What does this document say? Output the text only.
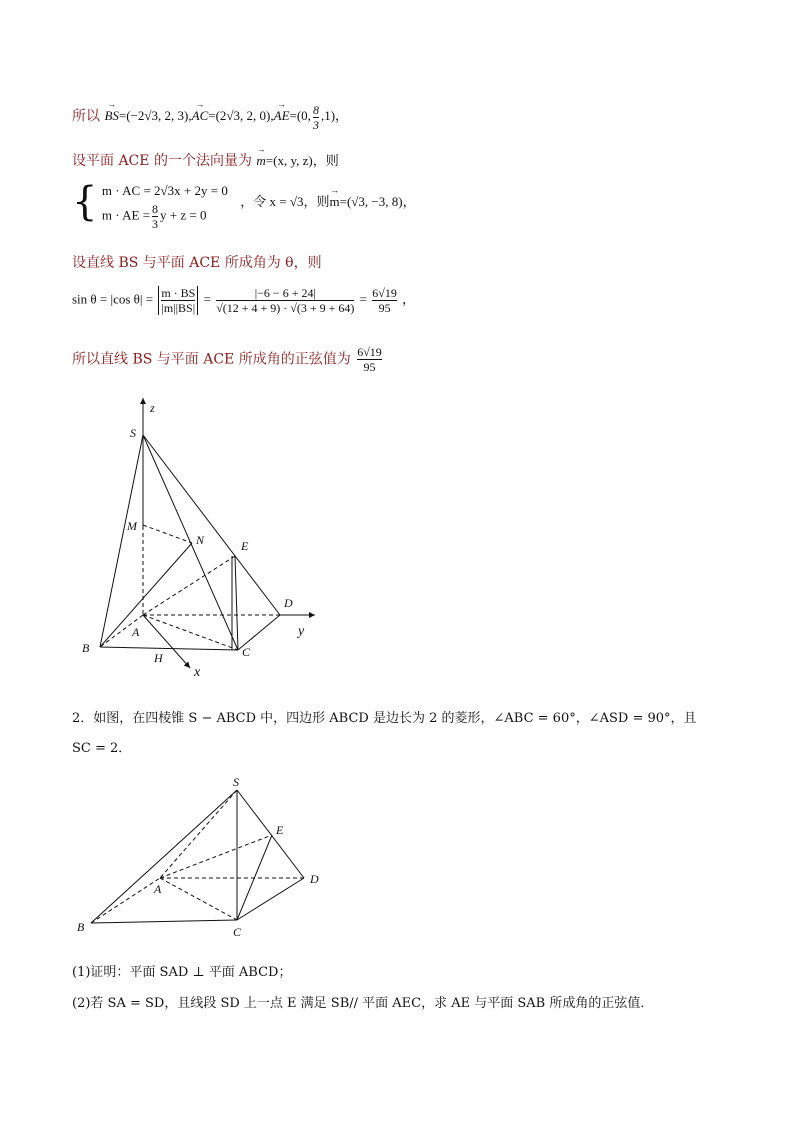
所以 → BS=(−2√3, 2, 3),→ AC=(2√3, 2, 0),→ AE=(0, $\frac{8}{3} ,1$)，
设平面 ACE 的一个法向量为 → m=(x, y, z)，则
{ m · AC = 2√3x + 2y = 0
m · AE = $\frac{8}{3}$ y + z = 0
，令 x = √3，则→ m=(√3, −3, 8)，
设直线 BS 与平面 ACE 所成角为 θ，则
sin θ = |cos $\theta| = \frac{m \cdot BS}{|m||BS|} = \frac{|-6 - 6 + 24|}{√(12 + 4 + 9) \cdot √(3 + 9 + 64)} = \frac{6√19}{95}$ ，
所以直线 BS 与平面 ACE 所成角的正弦值为 $\frac{6√19}{95}$
z
S
M
N	E
D
y
B
A
H	C
x
2．如图，在四棱锥 S − ABCD 中，四边形 ABCD 是边长为 2 的菱形，∠ABC = 60°，∠ASD = 90°，且
SC = 2．
S
E
A
D
B	C
(1)证明：平面 SAD ⊥ 平面 ABCD；
(2)若 SA = SD，且线段 SD 上一点 E 满足 SB// 平面 AEC，求 AE 与平面 SAB 所成角的正弦值．
